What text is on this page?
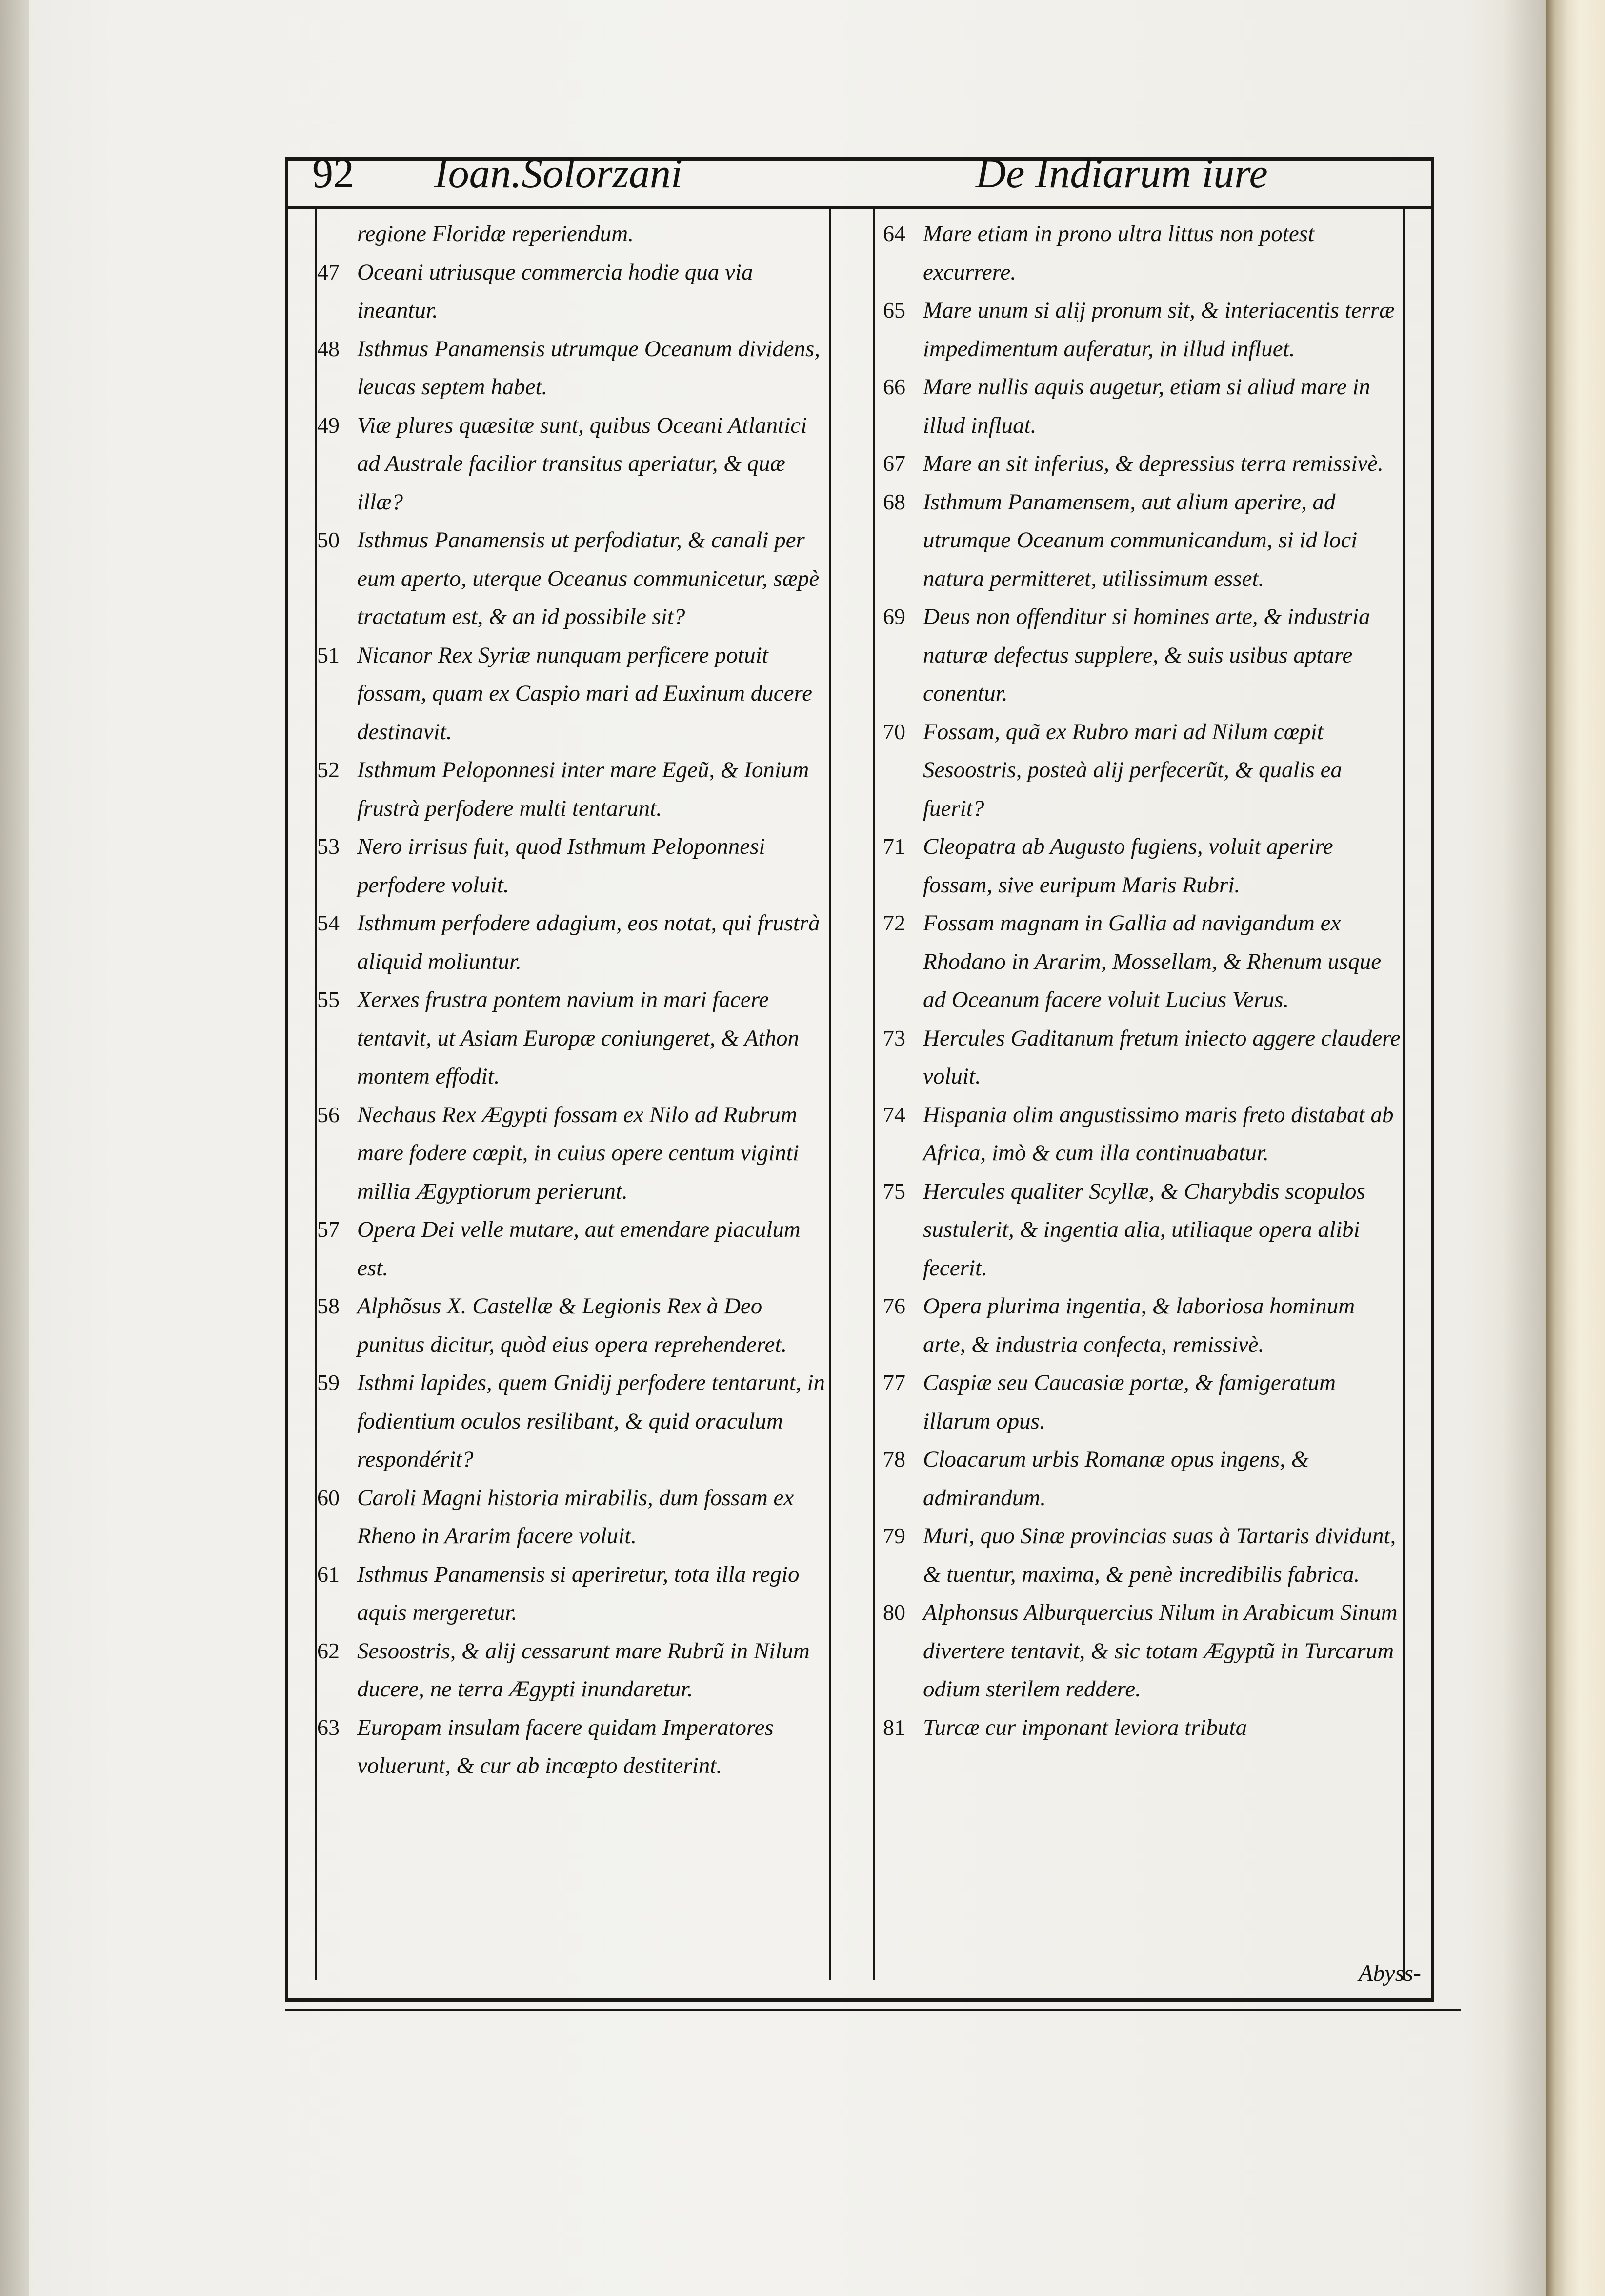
92 Ioan.Solorzani	De Indiarum iure
regione Floridæ reperiendum.
47 Oceani utriusque commercia hodie qua via ineantur.
48 Isthmus Panamensis utrumque Oceanum dividens, leucas septem habet.
49 Viæ plures quæsitæ sunt, quibus Oceani Atlantici ad Australe facilior transitus aperiatur, & quæ illæ?
50 Isthmus Panamensis ut perfodiatur, & canali per eum aperto, uterque Oceanus communicetur, sæpè tractatum est, & an id possibile sit?
51 Nicanor Rex Syriæ nunquam perficere potuit fossam, quam ex Caspio mari ad Euxinum ducere destinavit.
52 Isthmum Peloponnesi inter mare Egeũ, & Ionium frustrà perfodere multi tentarunt.
53 Nero irrisus fuit, quod Isthmum Peloponnesi perfodere voluit.
54 Isthmum perfodere adagium, eos notat, qui frustrà aliquid moliuntur.
55 Xerxes frustra pontem navium in mari facere tentavit, ut Asiam Europæ coniungeret, & Athon montem effodit.
56 Nechaus Rex Ægypti fossam ex Nilo ad Rubrum mare fodere cœpit, in cuius opere centum viginti millia Ægyptiorum perierunt.
57 Opera Dei velle mutare, aut emendare piaculum est.
58 Alphõsus X. Castellæ & Legionis Rex à Deo punitus dicitur, quòd eius opera reprehenderet.
59 Isthmi lapides, quem Gnidij perfodere tentarunt, in fodientium oculos resilibant, & quid oraculum respondérit?
60 Caroli Magni historia mirabilis, dum fossam ex Rheno in Ararim facere voluit.
61 Isthmus Panamensis si aperiretur, tota illa regio aquis mergeretur.
62 Sesoostris, & alij cessarunt mare Rubrũ in Nilum ducere, ne terra Ægypti inundaretur.
63 Europam insulam facere quidam Imperatores voluerunt, & cur ab incœpto destiterint.
64 Mare etiam in prono ultra littus non potest excurrere.
65 Mare unum si alij pronum sit, & interiacentis terræ impedimentum auferatur, in illud influet.
66 Mare nullis aquis augetur, etiam si aliud mare in illud influat.
67 Mare an sit inferius, & depressius terra remissivè.
68 Isthmum Panamensem, aut alium aperire, ad utrumque Oceanum communicandum, si id loci natura permitteret, utilissimum esset.
69 Deus non offenditur si homines arte, & industria naturæ defectus supplere, & suis usibus aptare conentur.
70 Fossam, quã ex Rubro mari ad Nilum cœpit Sesoostris, posteà alij perfecerũt, & qualis ea fuerit?
71 Cleopatra ab Augusto fugiens, voluit aperire fossam, sive euripum Maris Rubri.
72 Fossam magnam in Gallia ad navigandum ex Rhodano in Ararim, Mossellam, & Rhenum usque ad Oceanum facere voluit Lucius Verus.
73 Hercules Gaditanum fretum iniecto aggere claudere voluit.
74 Hispania olim angustissimo maris freto distabat ab Africa, imò & cum illa continuabatur.
75 Hercules qualiter Scyllæ, & Charybdis scopulos sustulerit, & ingentia alia, utiliaque opera alibi fecerit.
76 Opera plurima ingentia, & laboriosa hominum arte, & industria confecta, remissivè.
77 Caspiæ seu Caucasiæ portæ, & famigeratum illarum opus.
78 Cloacarum urbis Romanæ opus ingens, & admirandum.
79 Muri, quo Sinæ provincias suas à Tartaris dividunt, & tuentur, maxima, & penè incredibilis fabrica.
80 Alphonsus Alburquercius Nilum in Arabicum Sinum divertere tentavit, & sic totam Ægyptũ in Turcarum odium sterilem reddere.
81 Turcæ cur imponant leviora tributa
Abyss-
